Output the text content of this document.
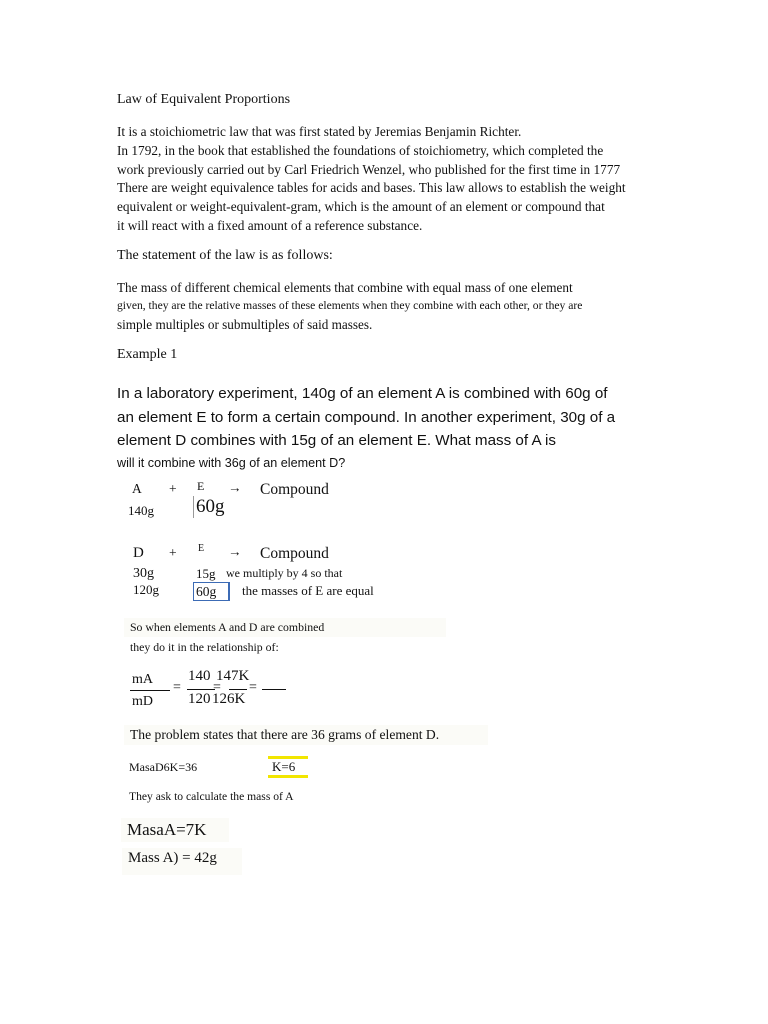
Law of Equivalent Proportions
It is a stoichiometric law that was first stated by Jeremias Benjamin Richter.
In 1792, in the book that established the foundations of stoichiometry, which completed the
work previously carried out by Carl Friedrich Wenzel, who published for the first time in 1777
There are weight equivalence tables for acids and bases. This law allows to establish the weight
equivalent or weight-equivalent-gram, which is the amount of an element or compound that
it will react with a fixed amount of a reference substance.
The statement of the law is as follows:
The mass of different chemical elements that combine with equal mass of one element
given, they are the relative masses of these elements when they combine with each other, or they are
simple multiples or submultiples of said masses.
Example 1
In a laboratory experiment, 140g of an element A is combined with 60g of
an element E to form a certain compound. In another experiment, 30g of a
element D combines with 15g of an element E. What mass of A is
will it combine with 36g of an element D?
A + E → Compound
140g 60g
D + E → Compound
30g	15g we multiply by 4 so that
120g	60g	the masses of E are equal
So when elements A and D are combined
they do it in the relationship of:
mA
mD
=
140
120
=
147K
126K
=
The problem states that there are 36 grams of element D.
MasaD6K=36	K=6
They ask to calculate the mass of A
MasaA=7K
Mass A) = 42g
